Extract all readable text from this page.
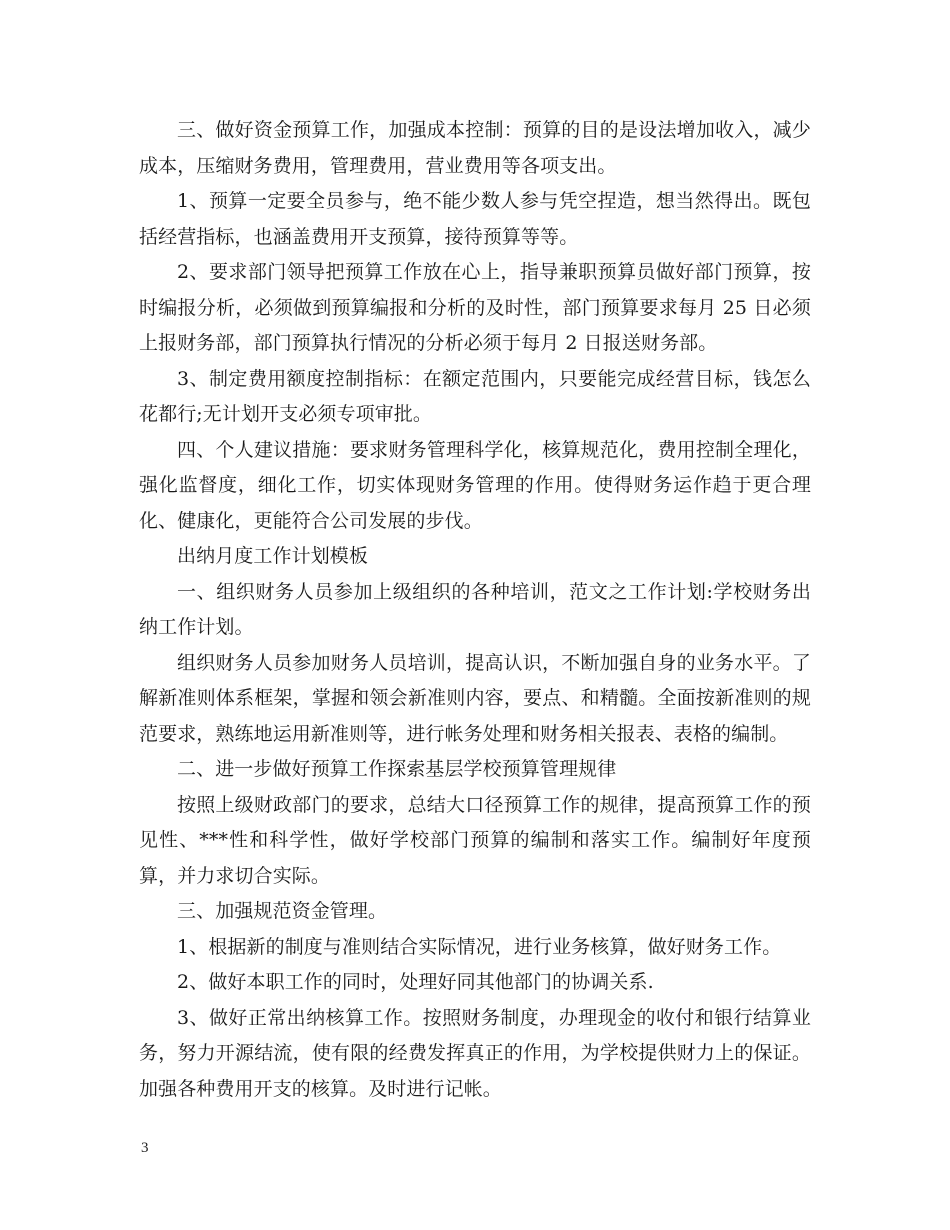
三、做好资金预算工作，加强成本控制：预算的目的是设法增加收入，减少成本，压缩财务费用，管理费用，营业费用等各项支出。

1、预算一定要全员参与，绝不能少数人参与凭空捏造，想当然得出。既包括经营指标，也涵盖费用开支预算，接待预算等等。

2、要求部门领导把预算工作放在心上，指导兼职预算员做好部门预算，按时编报分析，必须做到预算编报和分析的及时性，部门预算要求每月 25 日必须上报财务部，部门预算执行情况的分析必须于每月 2 日报送财务部。

3、制定费用额度控制指标：在额定范围内，只要能完成经营目标，钱怎么花都行;无计划开支必须专项审批。

四、个人建议措施：要求财务管理科学化，核算规范化，费用控制全理化，强化监督度，细化工作，切实体现财务管理的作用。使得财务运作趋于更合理化、健康化，更能符合公司发展的步伐。

出纳月度工作计划模板

一、组织财务人员参加上级组织的各种培训，范文之工作计划:学校财务出纳工作计划。

组织财务人员参加财务人员培训，提高认识，不断加强自身的业务水平。了解新准则体系框架，掌握和领会新准则内容，要点、和精髓。全面按新准则的规范要求，熟练地运用新准则等，进行帐务处理和财务相关报表、表格的编制。

二、进一步做好预算工作探索基层学校预算管理规律

按照上级财政部门的要求，总结大口径预算工作的规律，提高预算工作的预见性、***性和科学性，做好学校部门预算的编制和落实工作。编制好年度预算，并力求切合实际。

三、加强规范资金管理。

1、根据新的制度与准则结合实际情况，进行业务核算，做好财务工作。

2、做好本职工作的同时，处理好同其他部门的协调关系.

3、做好正常出纳核算工作。按照财务制度，办理现金的收付和银行结算业务，努力开源结流，使有限的经费发挥真正的作用，为学校提供财力上的保证。加强各种费用开支的核算。及时进行记帐。

3
